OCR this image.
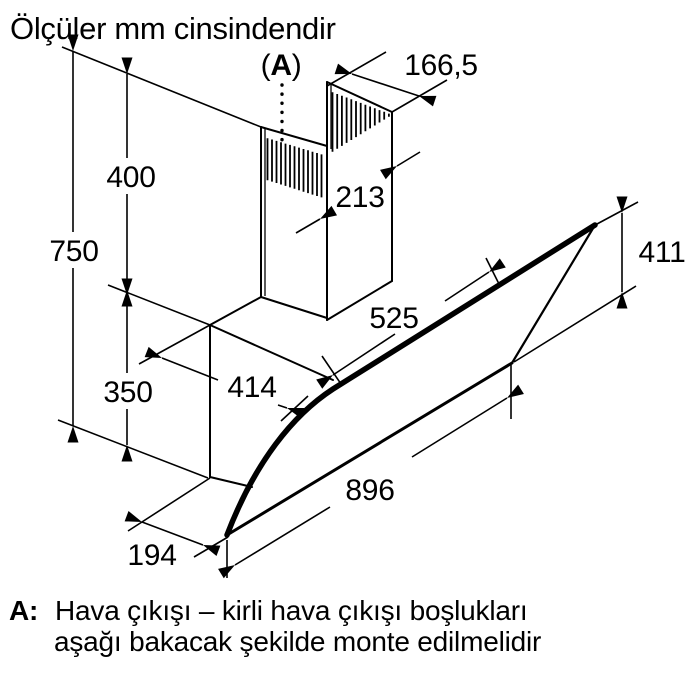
Ölçüler mm cinsindendir
(A)	166,5
400
213
750	411
525
350 414
896
194
A: Hava çıkışı – kirli hava çıkışı boşlukları
aşağı bakacak şekilde monte edilmelidir
